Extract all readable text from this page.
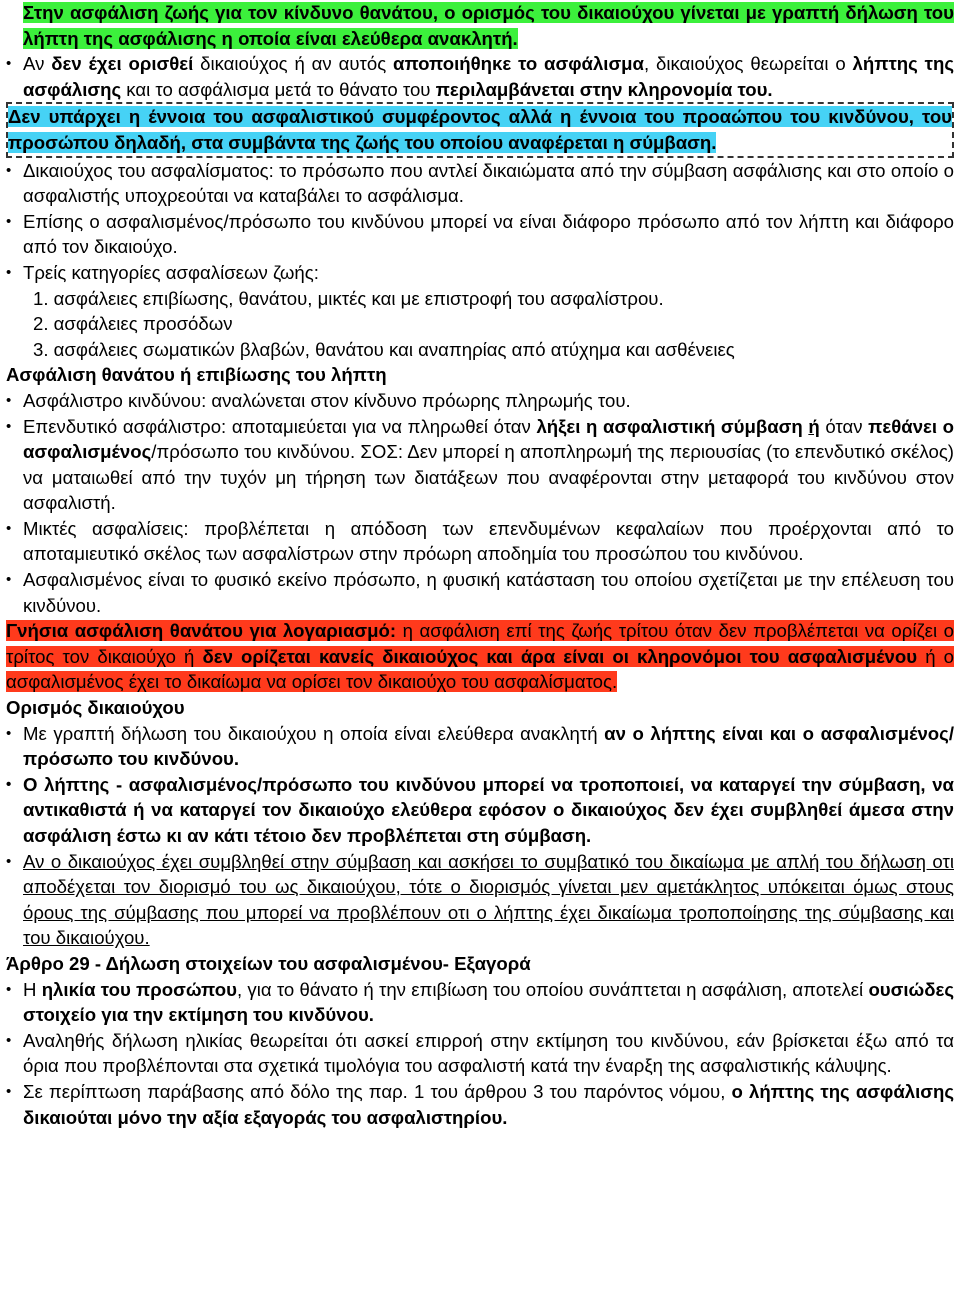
Στην ασφάλιση ζωής για τον κίνδυνο θανάτου, ο ορισμός του δικαιούχου γίνεται με γραπτή δήλωση του λήπτη της ασφάλισης η οποία είναι ελεύθερα ανακλητή.

• Αν δεν έχει ορισθεί δικαιούχος ή αν αυτός αποποιήθηκε το ασφάλισμα, δικαιούχος θεωρείται ο λήπτης της ασφάλισης και το ασφάλισμα μετά το θάνατο του περιλαμβάνεται στην κληρονομία του.

Δεν υπάρχει η έννοια του ασφαλιστικού συμφέροντος αλλά η έννοια του προαώπου του κινδύνου, του προσώπου δηλαδή, στα συμβάντα της ζωής του οποίου αναφέρεται η σύμβαση.

• Δικαιούχος του ασφαλίσματος: το πρόσωπο που αντλεί δικαιώματα από την σύμβαση ασφάλισης και στο οποίο ο ασφαλιστής υποχρεούται να καταβάλει το ασφάλισμα.

• Επίσης ο ασφαλισμένος/πρόσωπο του κινδύνου μπορεί να είναι διάφορο πρόσωπο από τον λήπτη και διάφορο από τον δικαιούχο.

• Τρείς κατηγορίες ασφαλίσεων ζωής:

1. ασφάλειες επιβίωσης, θανάτου, μικτές και με επιστροφή του ασφαλίστρου.

2. ασφάλειες προσόδων

3. ασφάλειες σωματικών βλαβών, θανάτου και αναπηρίας από ατύχημα και ασθένειες

Ασφάλιση θανάτου ή επιβίωσης του λήπτη

• Ασφάλιστρο κινδύνου: αναλώνεται στον κίνδυνο πρόωρης πληρωμής του.

• Επενδυτικό ασφάλιστρο: αποταμιεύεται για να πληρωθεί όταν λήξει η ασφαλιστική σύμβαση ή όταν πεθάνει ο ασφαλισμένος/πρόσωπο του κινδύνου. ΣΟΣ: Δεν μπορεί η αποπληρωμή της περιουσίας (το επενδυτικό σκέλος) να ματαιωθεί από την τυχόν μη τήρηση των διατάξεων που αναφέρονται στην μεταφορά του κινδύνου στον ασφαλιστή.

• Μικτές ασφαλίσεις: προβλέπεται η απόδοση των επενδυμένων κεφαλαίων που προέρχονται από το αποταμιευτικό σκέλος των ασφαλίστρων στην πρόωρη αποδημία του προσώπου του κινδύνου.

• Ασφαλισμένος είναι το φυσικό εκείνο πρόσωπο, η φυσική κατάσταση του οποίου σχετίζεται με την επέλευση του κινδύνου.

Γνήσια ασφάλιση θανάτου για λογαριασμό: η ασφάλιση επί της ζωής τρίτου όταν δεν προβλέπεται να ορίζει ο τρίτος τον δικαιούχο ή δεν ορίζεται κανείς δικαιούχος και άρα είναι οι κληρονόμοι του ασφαλισμένου ή ο ασφαλισμένος έχει το δικαίωμα να ορίσει τον δικαιούχο του ασφαλίσματος.

Ορισμός δικαιούχου

• Με γραπτή δήλωση του δικαιούχου η οποία είναι ελεύθερα ανακλητή αν ο λήπτης είναι και ο ασφαλισμένος/πρόσωπο του κινδύνου.

• Ο λήπτης - ασφαλισμένος/πρόσωπο του κινδύνου μπορεί να τροποποιεί, να καταργεί την σύμβαση, να αντικαθιστά ή να καταργεί τον δικαιούχο ελεύθερα εφόσον ο δικαιούχος δεν έχει συμβληθεί άμεσα στην ασφάλιση έστω κι αν κάτι τέτοιο δεν προβλέπεται στη σύμβαση.

• Αν ο δικαιούχος έχει συμβληθεί στην σύμβαση και ασκήσει το συμβατικό του δικαίωμα με απλή του δήλωση οτι αποδέχεται τον διορισμό του ως δικαιούχου, τότε ο διορισμός γίνεται μεν αμετάκλητος υπόκειται όμως στους όρους της σύμβασης που μπορεί να προβλέπουν οτι ο λήπτης έχει δικαίωμα τροποποίησης της σύμβασης και του δικαιούχου.

Άρθρο 29 - Δήλωση στοιχείων του ασφαλισμένου- Εξαγορά

• Η ηλικία του προσώπου, για το θάνατο ή την επιβίωση του οποίου συνάπτεται η ασφάλιση, αποτελεί ουσιώδες στοιχείο για την εκτίμηση του κινδύνου.

• Αναληθής δήλωση ηλικίας θεωρείται ότι ασκεί επιρροή στην εκτίμηση του κινδύνου, εάν βρίσκεται έξω από τα όρια που προβλέπονται στα σχετικά τιμολόγια του ασφαλιστή κατά την έναρξη της ασφαλιστικής κάλυψης.

• Σε περίπτωση παράβασης από δόλο της παρ. 1 του άρθρου 3 του παρόντος νόμου, ο λήπτης της ασφάλισης δικαιούται μόνο την αξία εξαγοράς του ασφαλιστηρίου.
